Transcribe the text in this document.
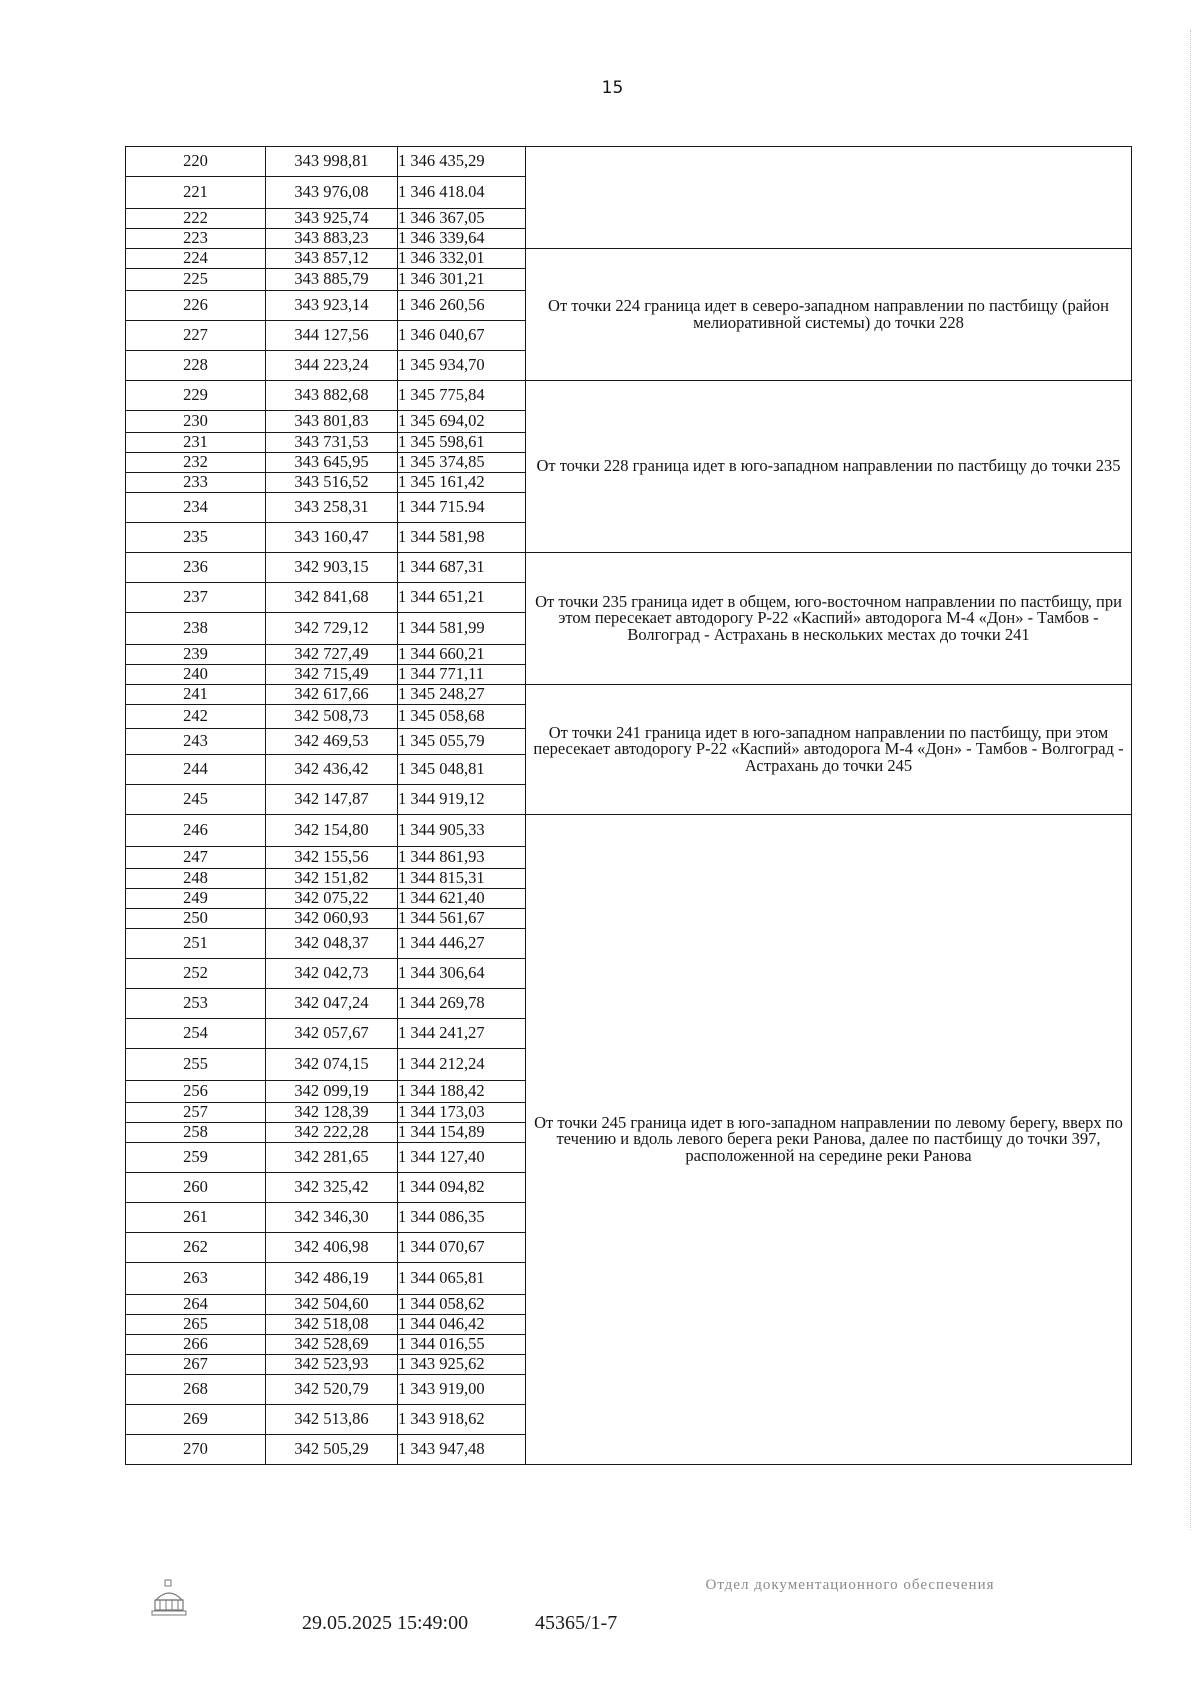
15
220	343 998,81	1 346 435,29	
221	343 976,08	1 346 418.04	
222	343 925,74	1 346 367,05	
223	343 883,23	1 346 339,64	
224	343 857,12	1 346 332,01	От точки 224 граница идет в северо-западном направлении по пастбищу (район мелиоративной системы) до точки 228
225	343 885,79	1 346 301,21	
226	343 923,14	1 346 260,56	
227	344 127,56	1 346 040,67	
228	344 223,24	1 345 934,70	
229	343 882,68	1 345 775,84	От точки 228 граница идет в юго-западном направлении по пастбищу до точки 235
230	343 801,83	1 345 694,02	
231	343 731,53	1 345 598,61	
232	343 645,95	1 345 374,85	
233	343 516,52	1 345 161,42	
234	343 258,31	1 344 715.94	
235	343 160,47	1 344 581,98	
236	342 903,15	1 344 687,31	От точки 235 граница идет в общем, юго-восточном направлении по пастбищу, при этом пересекает автодорогу Р-22 «Каспий» автодорога М-4 «Дон» - Тамбов - Волгоград - Астрахань в нескольких местах до точки 241
237	342 841,68	1 344 651,21	
238	342 729,12	1 344 581,99	
239	342 727,49	1 344 660,21	
240	342 715,49	1 344 771,11	
241	342 617,66	1 345 248,27	От точки 241 граница идет в юго-западном направлении по пастбищу, при этом пересекает автодорогу Р-22 «Каспий» автодорога М-4 «Дон» - Тамбов - Волгоград - Астрахань до точки 245
242	342 508,73	1 345 058,68	
243	342 469,53	1 345 055,79	
244	342 436,42	1 345 048,81	
245	342 147,87	1 344 919,12	
246	342 154,80	1 344 905,33	От точки 245 граница идет в юго-западном направлении по левому берегу, вверх по течению и вдоль левого берега реки Ранова, далее по пастбищу до точки 397, расположенной на середине реки Ранова
247	342 155,56	1 344 861,93	
248	342 151,82	1 344 815,31	
249	342 075,22	1 344 621,40	
250	342 060,93	1 344 561,67	
251	342 048,37	1 344 446,27	
252	342 042,73	1 344 306,64	
253	342 047,24	1 344 269,78	
254	342 057,67	1 344 241,27	
255	342 074,15	1 344 212,24	
256	342 099,19	1 344 188,42	
257	342 128,39	1 344 173,03	
258	342 222,28	1 344 154,89	
259	342 281,65	1 344 127,40	
260	342 325,42	1 344 094,82	
261	342 346,30	1 344 086,35	
262	342 406,98	1 344 070,67	
263	342 486,19	1 344 065,81	
264	342 504,60	1 344 058,62	
265	342 518,08	1 344 046,42	
266	342 528,69	1 344 016,55	
267	342 523,93	1 343 925,62	
268	342 520,79	1 343 919,00	
269	342 513,86	1 343 918,62	
270	342 505,29	1 343 947,48	
29.05.2025 15:49:00	45365/1-7
Отдел документационного обеспечения
